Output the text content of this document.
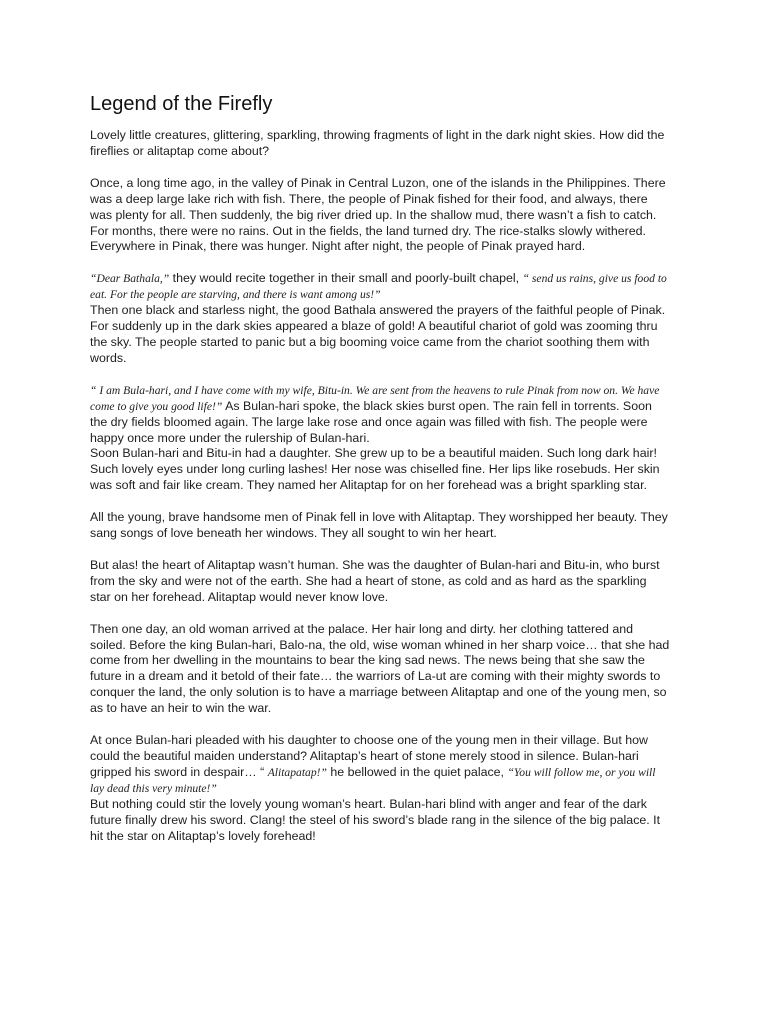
Legend of the Firefly

Lovely little creatures, glittering, sparkling, throwing fragments of light in the dark night skies. How did the fireflies or alitaptap come about?

Once, a long time ago, in the valley of Pinak in Central Luzon, one of the islands in the Philippines. There was a deep large lake rich with fish. There, the people of Pinak fished for their food, and always, there was plenty for all. Then suddenly, the big river dried up. In the shallow mud, there wasn’t a fish to catch. For months, there were no rains. Out in the fields, the land turned dry. The rice-stalks slowly withered. Everywhere in Pinak, there was hunger. Night after night, the people of Pinak prayed hard.

“Dear Bathala,” they would recite together in their small and poorly-built chapel, “ send us rains, give us food to eat. For the people are starving, and there is want among us!”

Then one black and starless night, the good Bathala answered the prayers of the faithful people of Pinak. For suddenly up in the dark skies appeared a blaze of gold! A beautiful chariot of gold was zooming thru the sky. The people started to panic but a big booming voice came from the chariot soothing them with words.

“ I am Bula-hari, and I have come with my wife, Bitu-in. We are sent from the heavens to rule Pinak from now on. We have come to give you good life!” As Bulan-hari spoke, the black skies burst open. The rain fell in torrents. Soon the dry fields bloomed again. The large lake rose and once again was filled with fish. The people were happy once more under the rulership of Bulan-hari.

Soon Bulan-hari and Bitu-in had a daughter. She grew up to be a beautiful maiden. Such long dark hair! Such lovely eyes under long curling lashes! Her nose was chiselled fine. Her lips like rosebuds. Her skin was soft and fair like cream. They named her Alitaptap for on her forehead was a bright sparkling star.

All the young, brave handsome men of Pinak fell in love with Alitaptap. They worshipped her beauty. They sang songs of love beneath her windows. They all sought to win her heart.

But alas! the heart of Alitaptap wasn’t human. She was the daughter of Bulan-hari and Bitu-in, who burst from the sky and were not of the earth. She had a heart of stone, as cold and as hard as the sparkling star on her forehead. Alitaptap would never know love.

Then one day, an old woman arrived at the palace. Her hair long and dirty. her clothing tattered and soiled. Before the king Bulan-hari, Balo-na, the old, wise woman whined in her sharp voice… that she had come from her dwelling in the mountains to bear the king sad news. The news being that she saw the future in a dream and it betold of their fate… the warriors of La-ut are coming with their mighty swords to conquer the land, the only solution is to have a marriage between Alitaptap and one of the young men, so as to have an heir to win the war.

At once Bulan-hari pleaded with his daughter to choose one of the young men in their village. But how could the beautiful maiden understand? Alitaptap’s heart of stone merely stood in silence. Bulan-hari gripped his sword in despair… “ Alitapatap!” he bellowed in the quiet palace, “You will follow me, or you will lay dead this very minute!”

But nothing could stir the lovely young woman’s heart. Bulan-hari blind with anger and fear of the dark future finally drew his sword. Clang! the steel of his sword’s blade rang in the silence of the big palace. It hit the star on Alitaptap’s lovely forehead!
